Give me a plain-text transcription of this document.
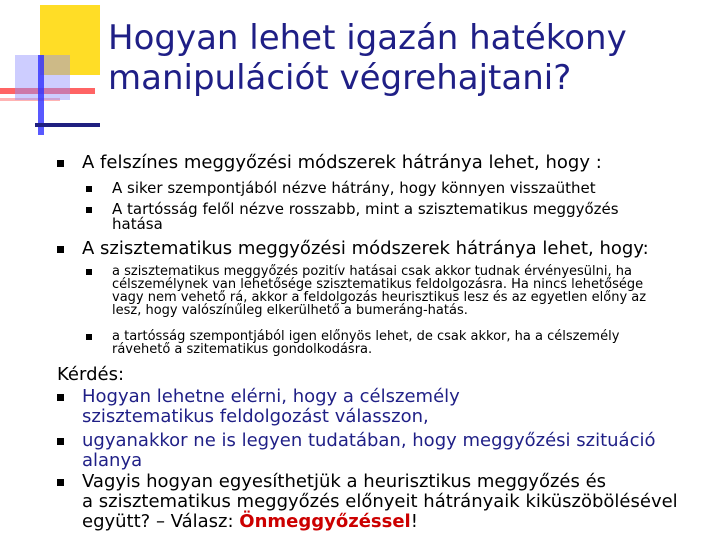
Hogyan lehet igazán hatékony
manipulációt végrehajtani?
A felszínes meggyőzési módszerek hátránya lehet, hogy :
A siker szempontjából nézve hátrány, hogy könnyen visszaüthet
A tartósság felől nézve rosszabb, mint a szisztematikus meggyőzés
hatása
A szisztematikus meggyőzési módszerek hátránya lehet, hogy:
a szisztematikus meggyőzés pozitív hatásai csak akkor tudnak érvényesülni, ha
célszemélynek van lehetősége szisztematikus feldolgozásra. Ha nincs lehetősége
vagy nem vehető rá, akkor a feldolgozás heurisztikus lesz és az egyetlen előny az
lesz, hogy valószínűleg elkerülhető a bumeráng-hatás.
a tartósság szempontjából igen előnyös lehet, de csak akkor, ha a célszemély
rávehető a szitematikus gondolkodásra.
Kérdés:
Hogyan lehetne elérni, hogy a célszemély
szisztematikus feldolgozást válasszon,
ugyanakkor ne is legyen tudatában, hogy meggyőzési szituáció
alanya
Vagyis hogyan egyesíthetjük a heurisztikus meggyőzés és
a szisztematikus meggyőzés előnyeit hátrányaik kiküszöbölésével
együtt? – Válasz: Önmeggyőzéssel!
